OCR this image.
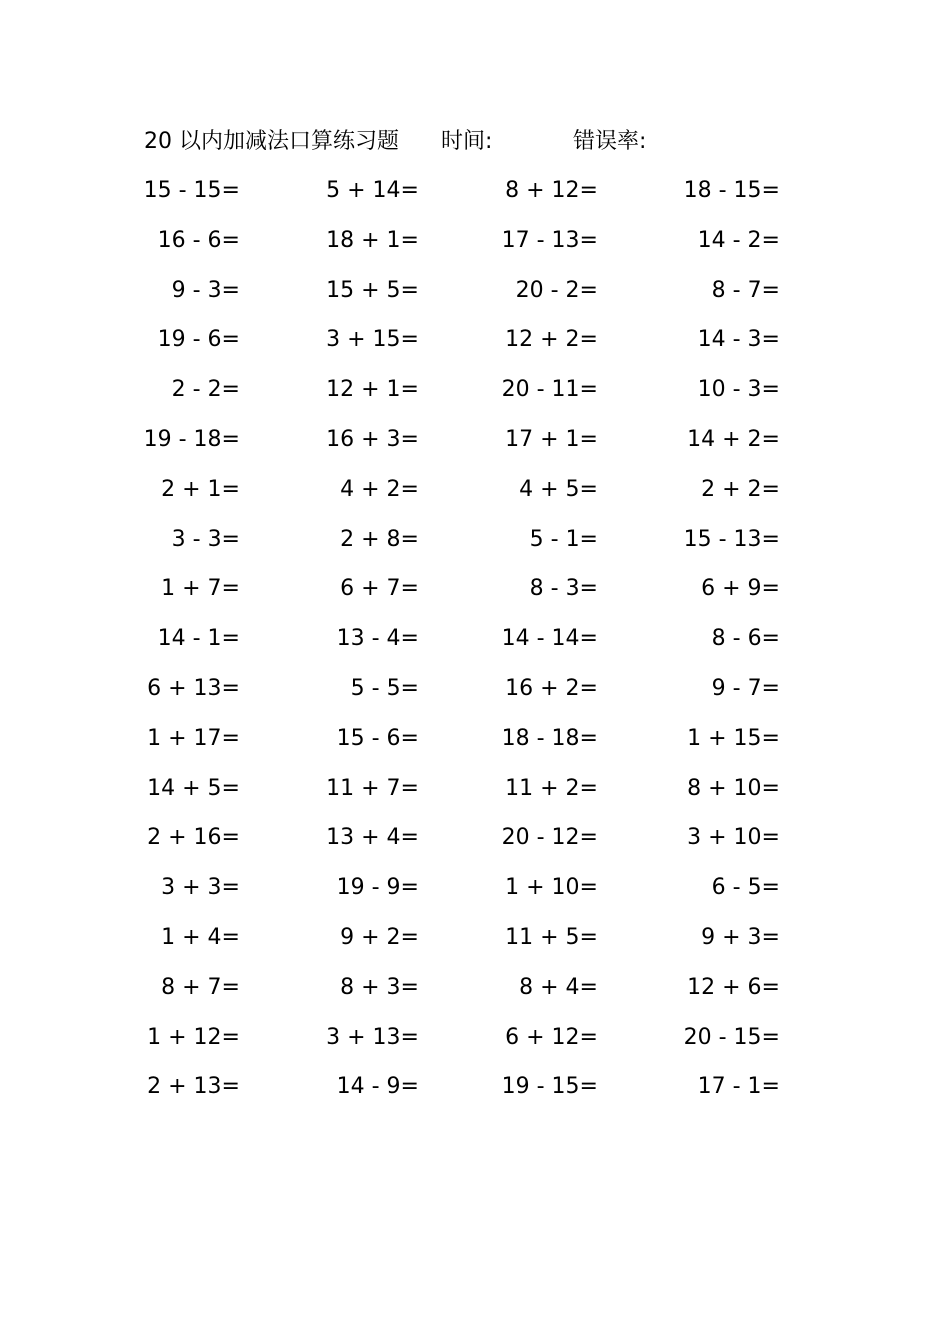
20 以内加减法口算练习题 时间:	错误率:
15 - 15=	5 + 14=	8 + 12=	18 - 15=
16 - 6=	18 + 1=	17 - 13=	14 - 2=
9 - 3=	15 + 5=	20 - 2=	8 - 7=
19 - 6=	3 + 15=	12 + 2=	14 - 3=
2 - 2=	12 + 1=	20 - 11=	10 - 3=
19 - 18=	16 + 3=	17 + 1=	14 + 2=
2 + 1=	4 + 2=	4 + 5=	2 + 2=
3 - 3=	2 + 8=	5 - 1=	15 - 13=
1 + 7=	6 + 7=	8 - 3=	6 + 9=
14 - 1=	13 - 4=	14 - 14=	8 - 6=
6 + 13=	5 - 5=	16 + 2=	9 - 7=
1 + 17=	15 - 6=	18 - 18=	1 + 15=
14 + 5=	11 + 7=	11 + 2=	8 + 10=
2 + 16=	13 + 4=	20 - 12=	3 + 10=
3 + 3=	19 - 9=	1 + 10=	6 - 5=
1 + 4=	9 + 2=	11 + 5=	9 + 3=
8 + 7=	8 + 3=	8 + 4=	12 + 6=
1 + 12=	3 + 13=	6 + 12=	20 - 15=
2 + 13=	14 - 9=	19 - 15=	17 - 1=
